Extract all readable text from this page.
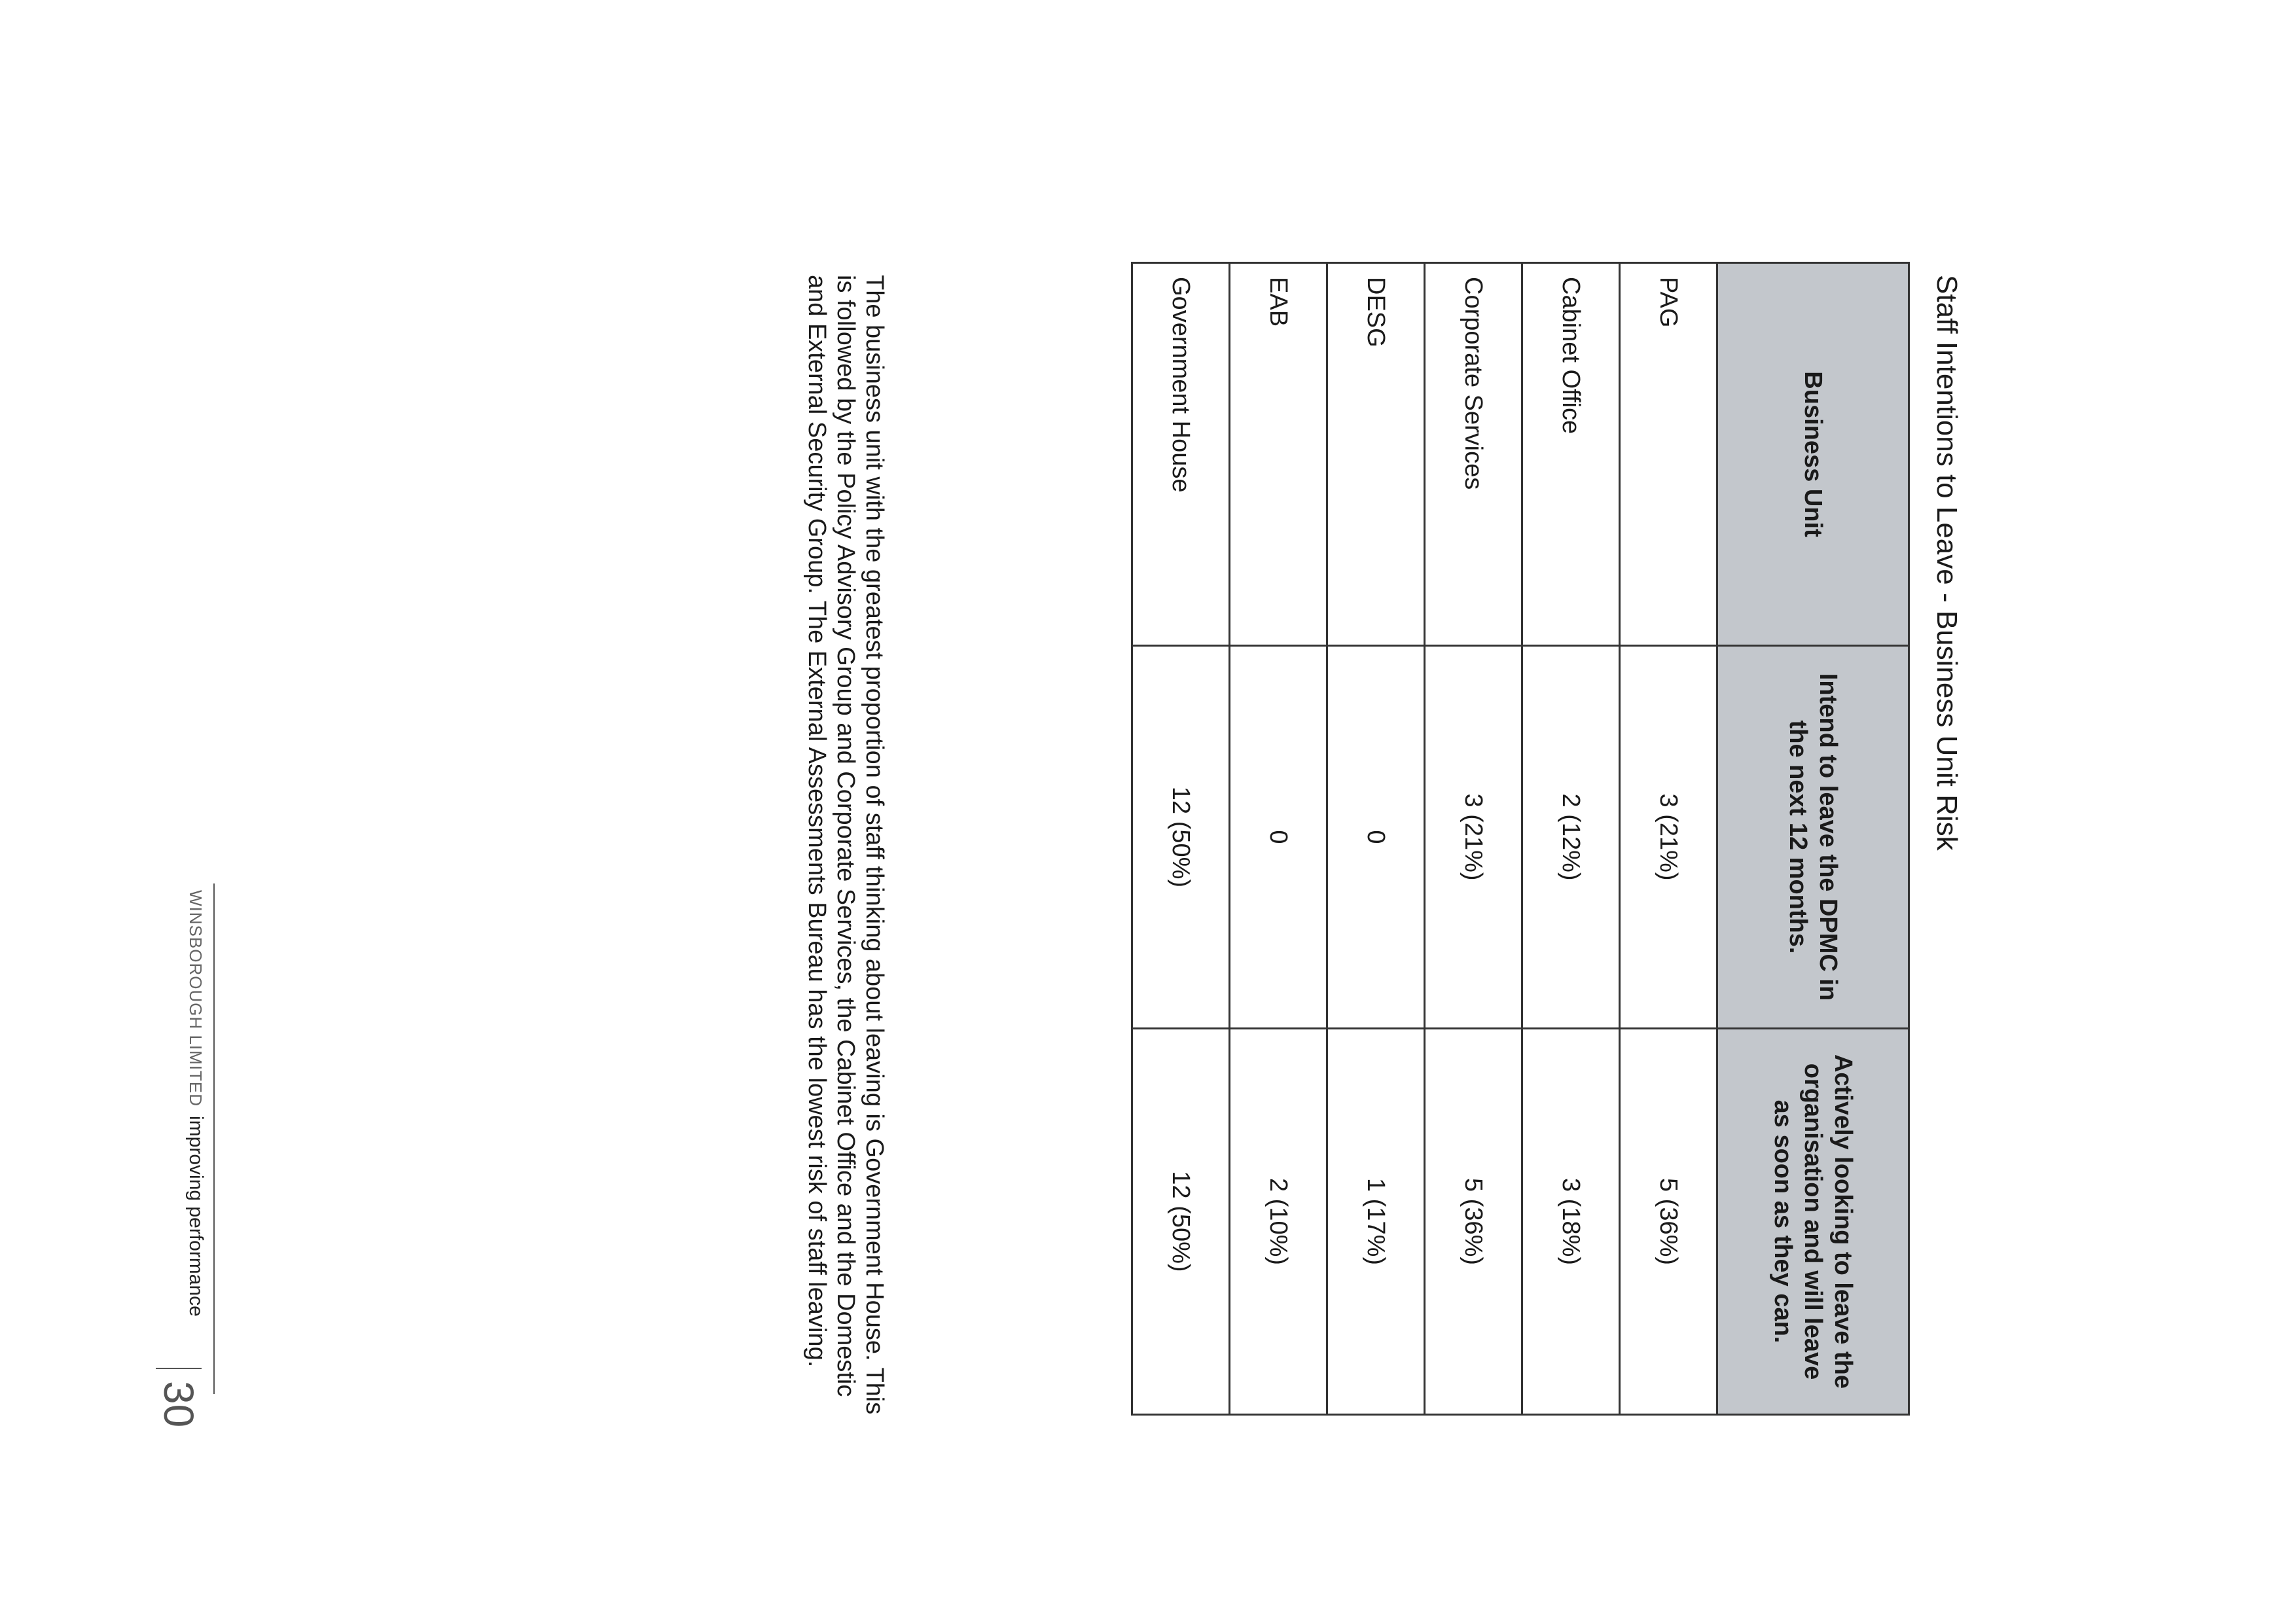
Staff Intentions to Leave - Business Unit Risk
Business Unit	Intend to leave the DPMC in the next 12 months.	Actively looking to leave the organisation and will leave as soon as they can.
PAG	3 (21%)	5 (36%)
Cabinet Office	2 (12%)	3 (18%)
Corporate Services	3 (21%)	5 (36%)
DESG	0	1 (17%)
EAB	0	2 (10%)
Government House	12 (50%)	12 (50%)

The business unit with the greatest proportion of staff thinking about leaving is Government House. This is followed by the Policy Advisory Group and Corporate Services, the Cabinet Office and the Domestic and External Security Group. The External Assessments Bureau has the lowest risk of staff leaving.

WINSBOROUGH LIMITEDimproving performance
30
